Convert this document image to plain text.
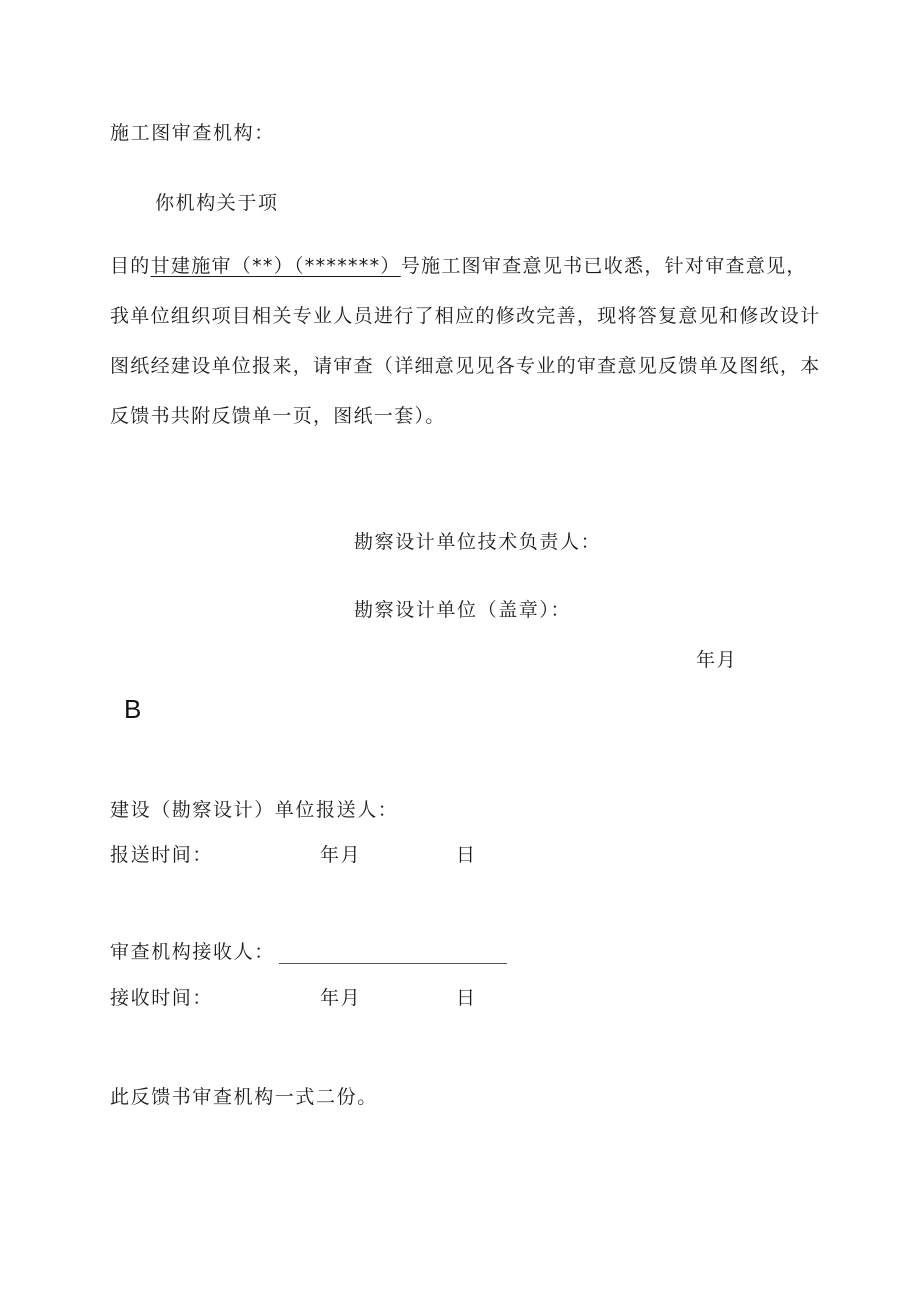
施工图审查机构：
你机构关于项
目的甘建施审（**）（*******）号施工图审查意见书已收悉，针对审查意见，
我单位组织项目相关专业人员进行了相应的修改完善，现将答复意见和修改设计
图纸经建设单位报来，请审查（详细意见见各专业的审查意见反馈单及图纸，本
反馈书共附反馈单一页，图纸一套）。
勘察设计单位技术负责人：
勘察设计单位（盖章）：
年月
B
建设（勘察设计）单位报送人：
报送时间：	年月	日
审查机构接收人：
接收时间：	年月	日
此反馈书审查机构一式二份。
